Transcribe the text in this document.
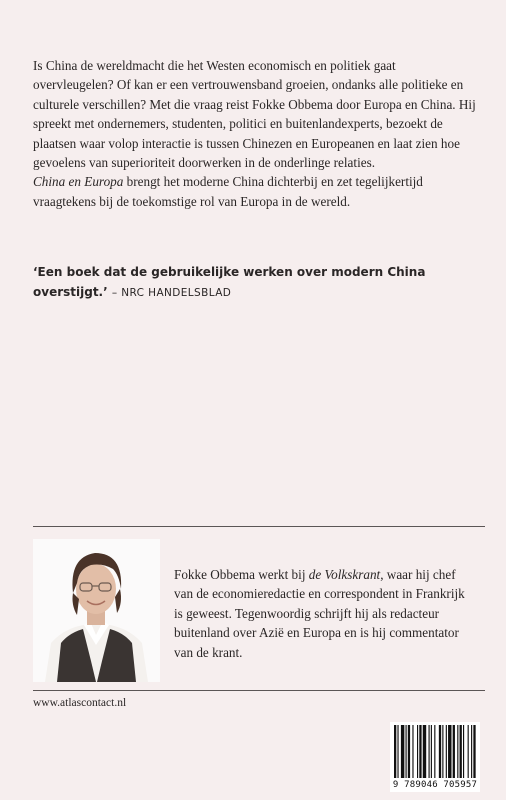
Is China de wereldmacht die het Westen economisch en politiek gaat overvleugelen? Of kan er een vertrouwensband groeien, ondanks alle politieke en culturele verschillen? Met die vraag reist Fokke Obbema door Europa en China. Hij spreekt met ondernemers, studenten, politici en buitenlandexperts, bezoekt de plaatsen waar volop interactie is tussen Chinezen en Europeanen en laat zien hoe gevoelens van superioriteit doorwerken in de onderlinge relaties.
China en Europa brengt het moderne China dichterbij en zet tegelijkertijd vraagtekens bij de toekomstige rol van Europa in de wereld.

‘Een boek dat de gebruikelijke werken over modern China overstijgt.’ – NRC HANDELSBLAD

Fokke Obbema werkt bij de Volkskrant, waar hij chef van de economieredactie en correspondent in Frankrijk is geweest. Tegenwoordig schrijft hij als redacteur buitenland over Azië en Europa en is hij commentator van de krant.

www.atlascontact.nl
9 789046 705957
